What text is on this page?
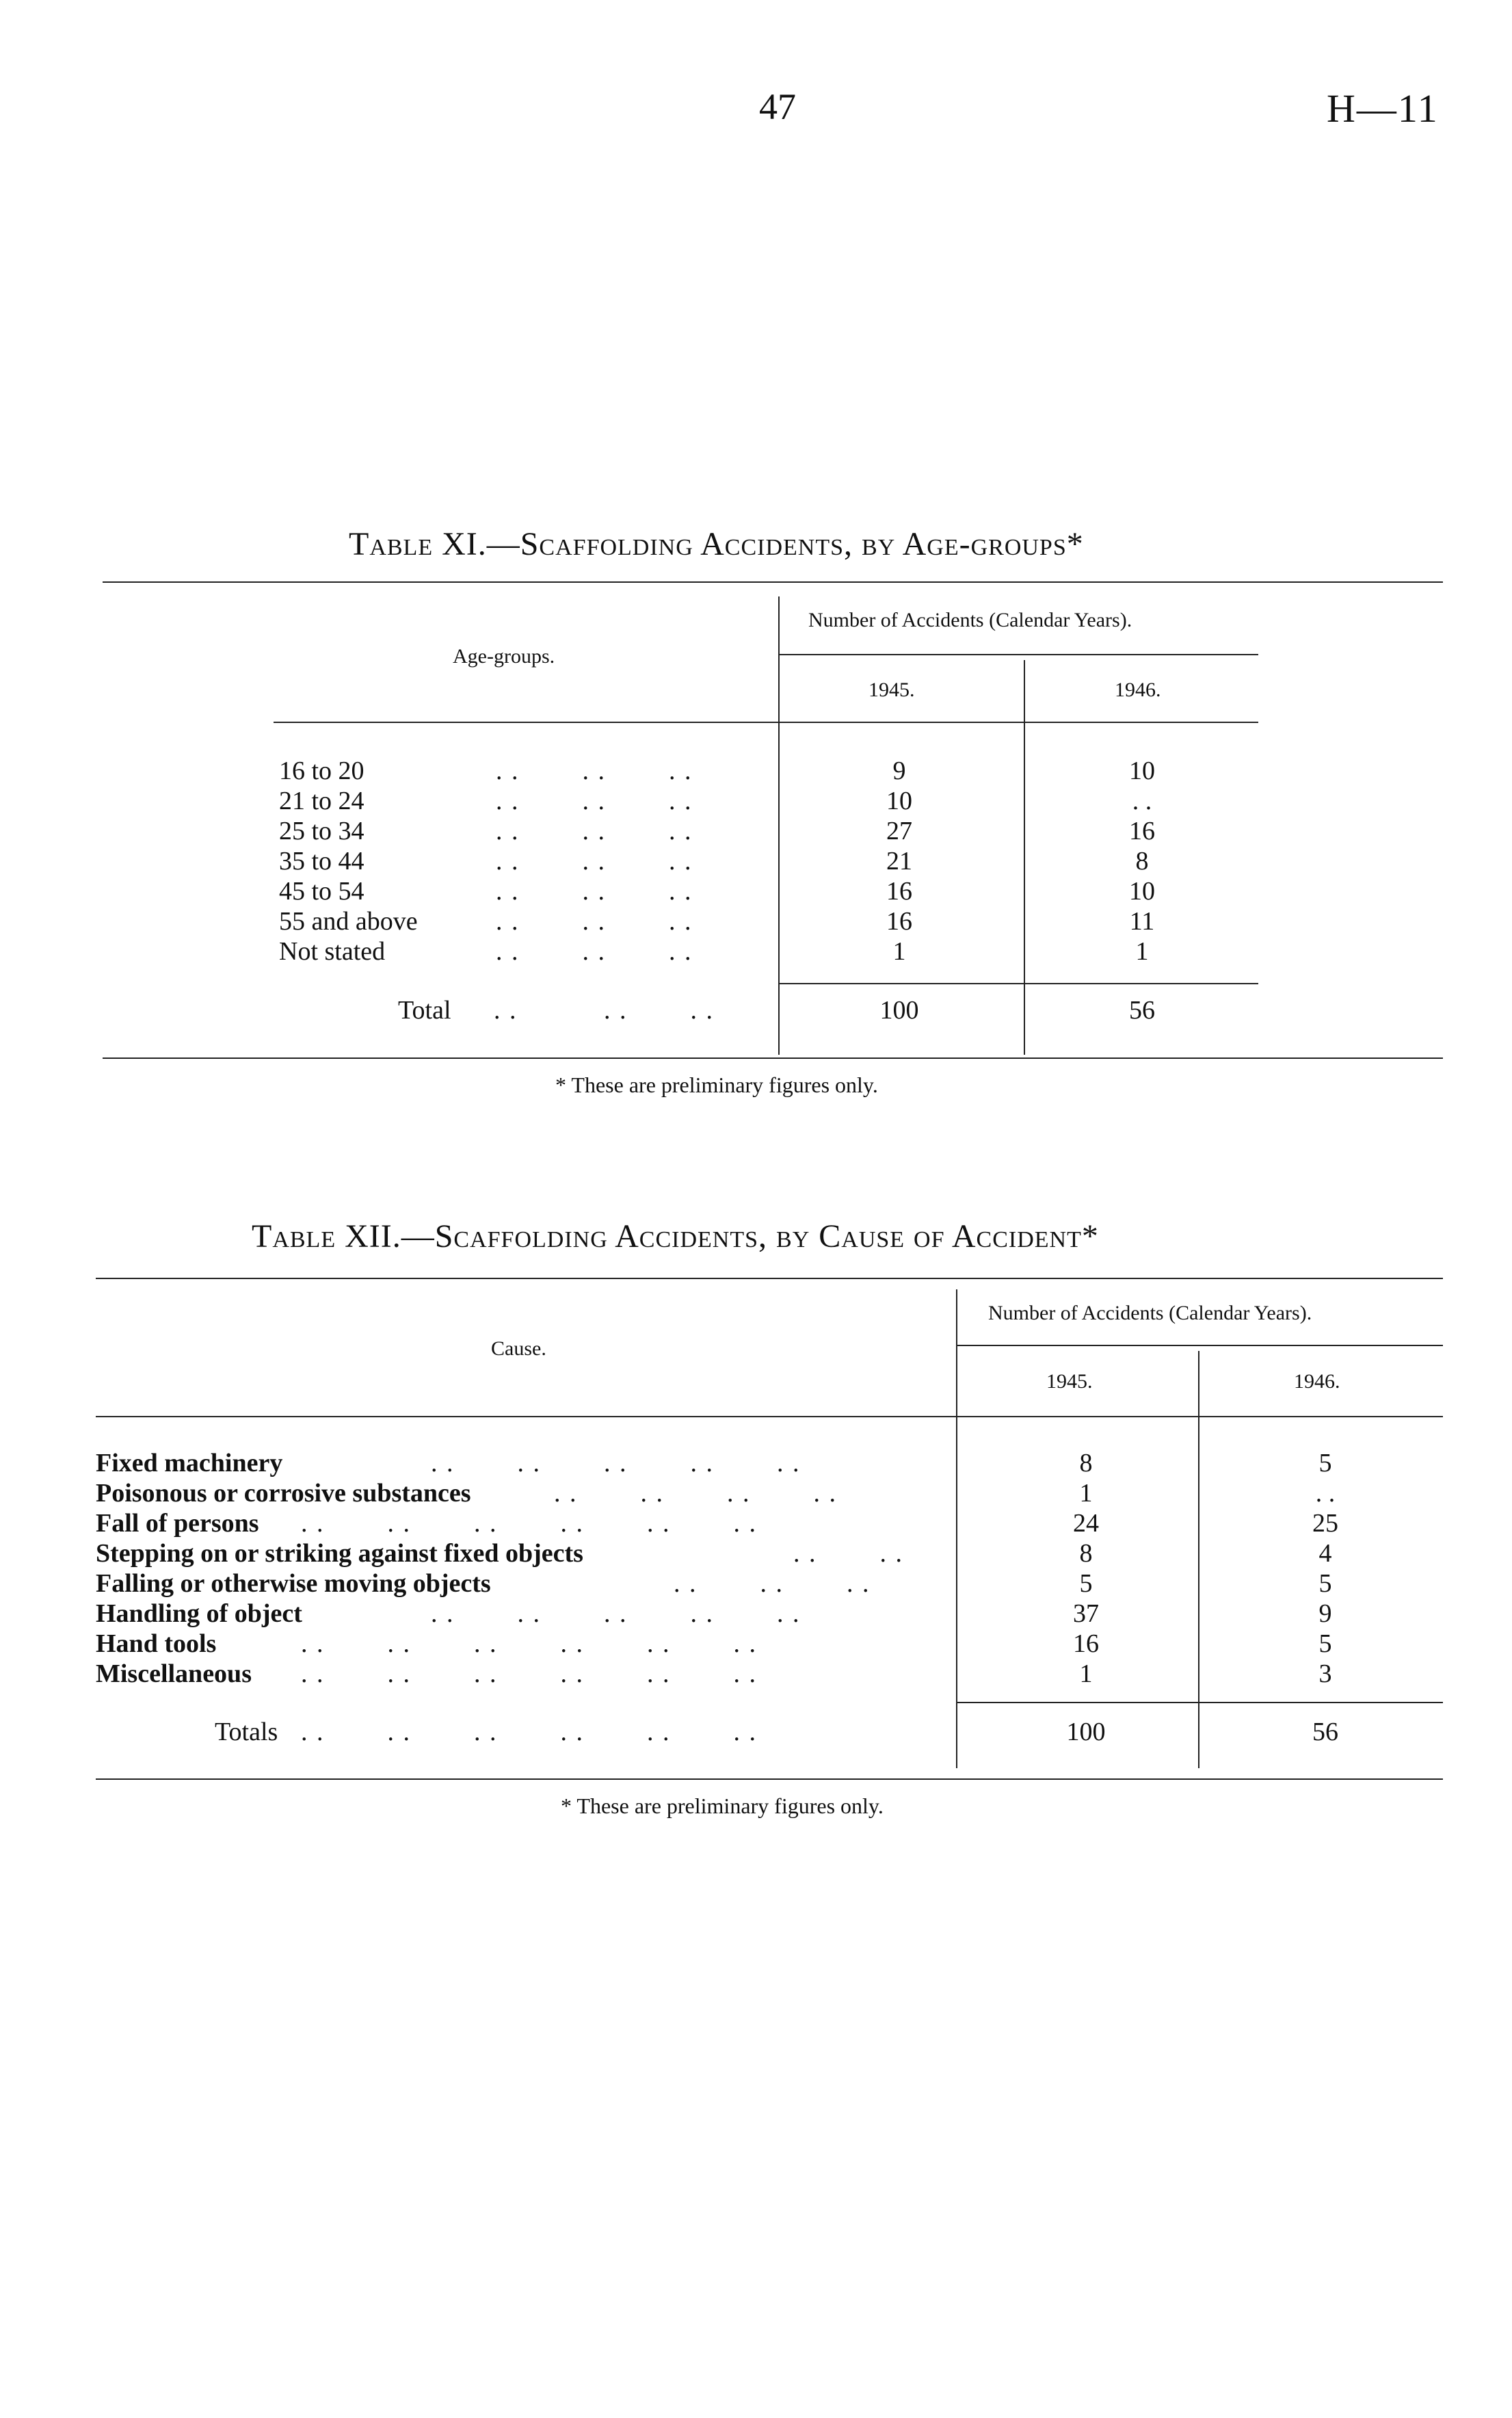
47	H—11
Table XI.—Scaffolding Accidents, by Age-groups*
Age-groups.
Number of Accidents (Calendar Years).
1945.	1946.
16 to 20	. .        . .        . .	9	10
21 to 24	. .        . .        . .	10	. .
25 to 34	. .        . .        . .	27	16
35 to 44	. .        . .        . .	21	8
45 to 54	. .        . .        . .	16	10
55 and above	. .        . .        . .	16	11
Not stated	. .        . .        . .	1	1
Total . .           . .        . .	100	56
* These are preliminary figures only.
Table XII.—Scaffolding Accidents, by Cause of Accident*
Cause.
Number of Accidents (Calendar Years).
1945.	1946.
Fixed machinery	. .        . .        . .        . .        . .	8	5
Poisonous or corrosive substances	. .        . .        . .        . .	1	. .
Fall of persons . .        . .        . .        . .        . .        . .	24	25
Stepping on or striking against fixed objects	. .        . .	8	4
Falling or otherwise moving objects	. .        . .        . .	5	5
Handling of object	. .        . .        . .        . .        . .	37	9
Hand tools	. .        . .        . .        . .        . .        . .	16	5
Miscellaneous . .        . .        . .        . .        . .        . .	1	3
Totals . .        . .        . .        . .        . .        . .	100	56
* These are preliminary figures only.
